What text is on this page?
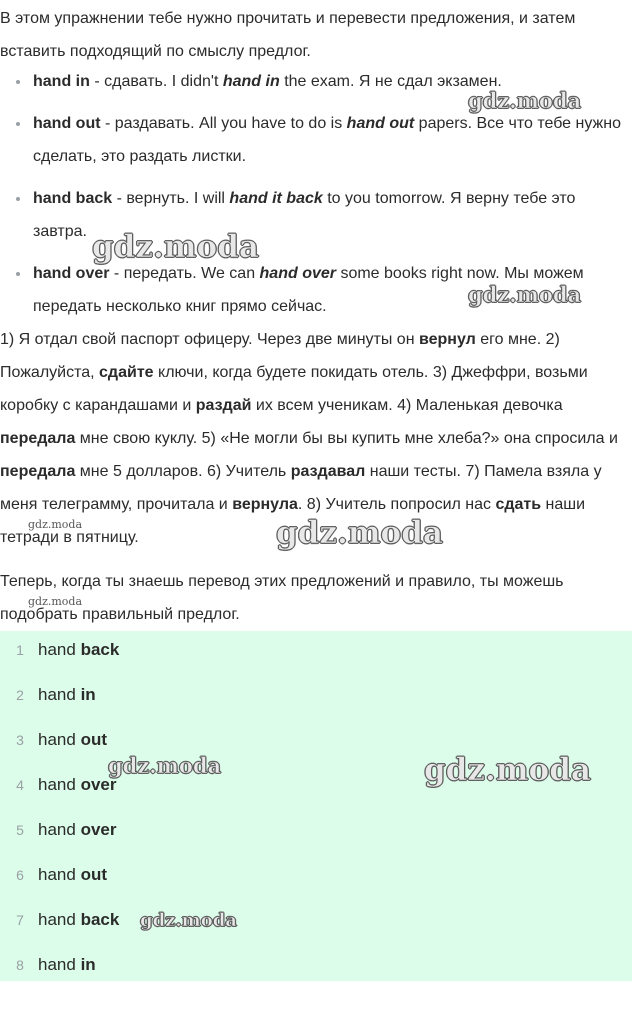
В этом упражнении тебе нужно прочитать и перевести предложения, и затем вставить подходящий по смыслу предлог.

hand in - сдавать. I didn't hand in the exam. Я не сдал экзамен.
hand out - раздавать. All you have to do is hand out papers. Все что тебе нужно сделать, это раздать листки.
hand back - вернуть. I will hand it back to you tomorrow. Я верну тебе это завтра.
hand over - передать. We can hand over some books right now. Мы можем передать несколько книг прямо сейчас.

1) Я отдал свой паспорт офицеру. Через две минуты он вернул его мне. 2) Пожалуйста, сдайте ключи, когда будете покидать отель. 3) Джеффри, возьми коробку с карандашами и раздай их всем ученикам. 4) Маленькая девочка передала мне свою куклу. 5) «Не могли бы вы купить мне хлеба?» она спросила и передала мне 5 долларов. 6) Учитель раздавал наши тесты. 7) Памела взяла у меня телеграмму, прочитала и вернула. 8) Учитель попросил нас сдать наши тетради в пятницу.

Теперь, когда ты знаешь перевод этих предложений и правило, ты можешь подобрать правильный предлог.

1 hand back
2 hand in
3 hand out
4 hand over
5 hand over
6 hand out
7 hand back
8 hand in
gdz.moda
gdz.moda
gdz.moda
gdz.moda	gdz.moda
gdz.moda
gdz.moda	gdz.moda
gdz.moda
